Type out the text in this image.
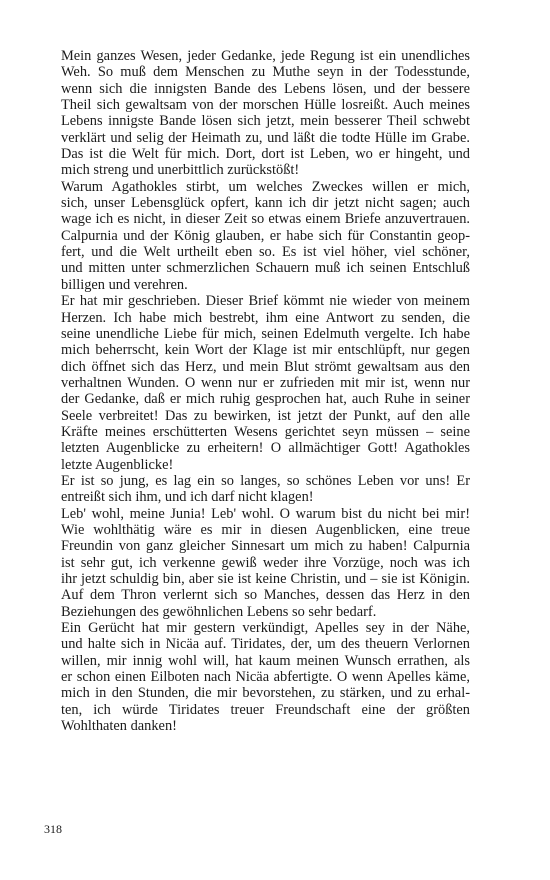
Mein ganzes Wesen, jeder Gedanke, jede Regung ist ein unendliches
Weh. So muß dem Menschen zu Muthe seyn in der Todesstunde,
wenn sich die innigsten Bande des Lebens lösen, und der bessere
Theil sich gewaltsam von der morschen Hülle losreißt. Auch meines
Lebens innigste Bande lösen sich jetzt, mein besserer Theil schwebt
verklärt und selig der Heimath zu, und läßt die todte Hülle im Grabe.
Das ist die Welt für mich. Dort, dort ist Leben, wo er hingeht, und
mich streng und unerbittlich zurückstößt!
Warum Agathokles stirbt, um welches Zweckes willen er mich,
sich, unser Lebensglück opfert, kann ich dir jetzt nicht sagen; auch
wage ich es nicht, in dieser Zeit so etwas einem Briefe anzuvertrauen.
Calpurnia und der König glauben, er habe sich für Constantin geop-
fert, und die Welt urtheilt eben so. Es ist viel höher, viel schöner,
und mitten unter schmerzlichen Schauern muß ich seinen Entschluß
billigen und verehren.
Er hat mir geschrieben. Dieser Brief kömmt nie wieder von meinem
Herzen. Ich habe mich bestrebt, ihm eine Antwort zu senden, die
seine unendliche Liebe für mich, seinen Edelmuth vergelte. Ich habe
mich beherrscht, kein Wort der Klage ist mir entschlüpft, nur gegen
dich öffnet sich das Herz, und mein Blut strömt gewaltsam aus den
verhaltnen Wunden. O wenn nur er zufrieden mit mir ist, wenn nur
der Gedanke, daß er mich ruhig gesprochen hat, auch Ruhe in seiner
Seele verbreitet! Das zu bewirken, ist jetzt der Punkt, auf den alle
Kräfte meines erschütterten Wesens gerichtet seyn müssen – seine
letzten Augenblicke zu erheitern! O allmächtiger Gott! Agathokles
letzte Augenblicke!
Er ist so jung, es lag ein so langes, so schönes Leben vor uns! Er
entreißt sich ihm, und ich darf nicht klagen!
Leb' wohl, meine Junia! Leb' wohl. O warum bist du nicht bei mir!
Wie wohlthätig wäre es mir in diesen Augenblicken, eine treue
Freundin von ganz gleicher Sinnesart um mich zu haben! Calpurnia
ist sehr gut, ich verkenne gewiß weder ihre Vorzüge, noch was ich
ihr jetzt schuldig bin, aber sie ist keine Christin, und – sie ist Königin.
Auf dem Thron verlernt sich so Manches, dessen das Herz in den
Beziehungen des gewöhnlichen Lebens so sehr bedarf.
Ein Gerücht hat mir gestern verkündigt, Apelles sey in der Nähe,
und halte sich in Nicäa auf. Tiridates, der, um des theuern Verlornen
willen, mir innig wohl will, hat kaum meinen Wunsch errathen, als
er schon einen Eilboten nach Nicäa abfertigte. O wenn Apelles käme,
mich in den Stunden, die mir bevorstehen, zu stärken, und zu erhal-
ten, ich würde Tiridates treuer Freundschaft eine der größten
Wohlthaten danken!
318
